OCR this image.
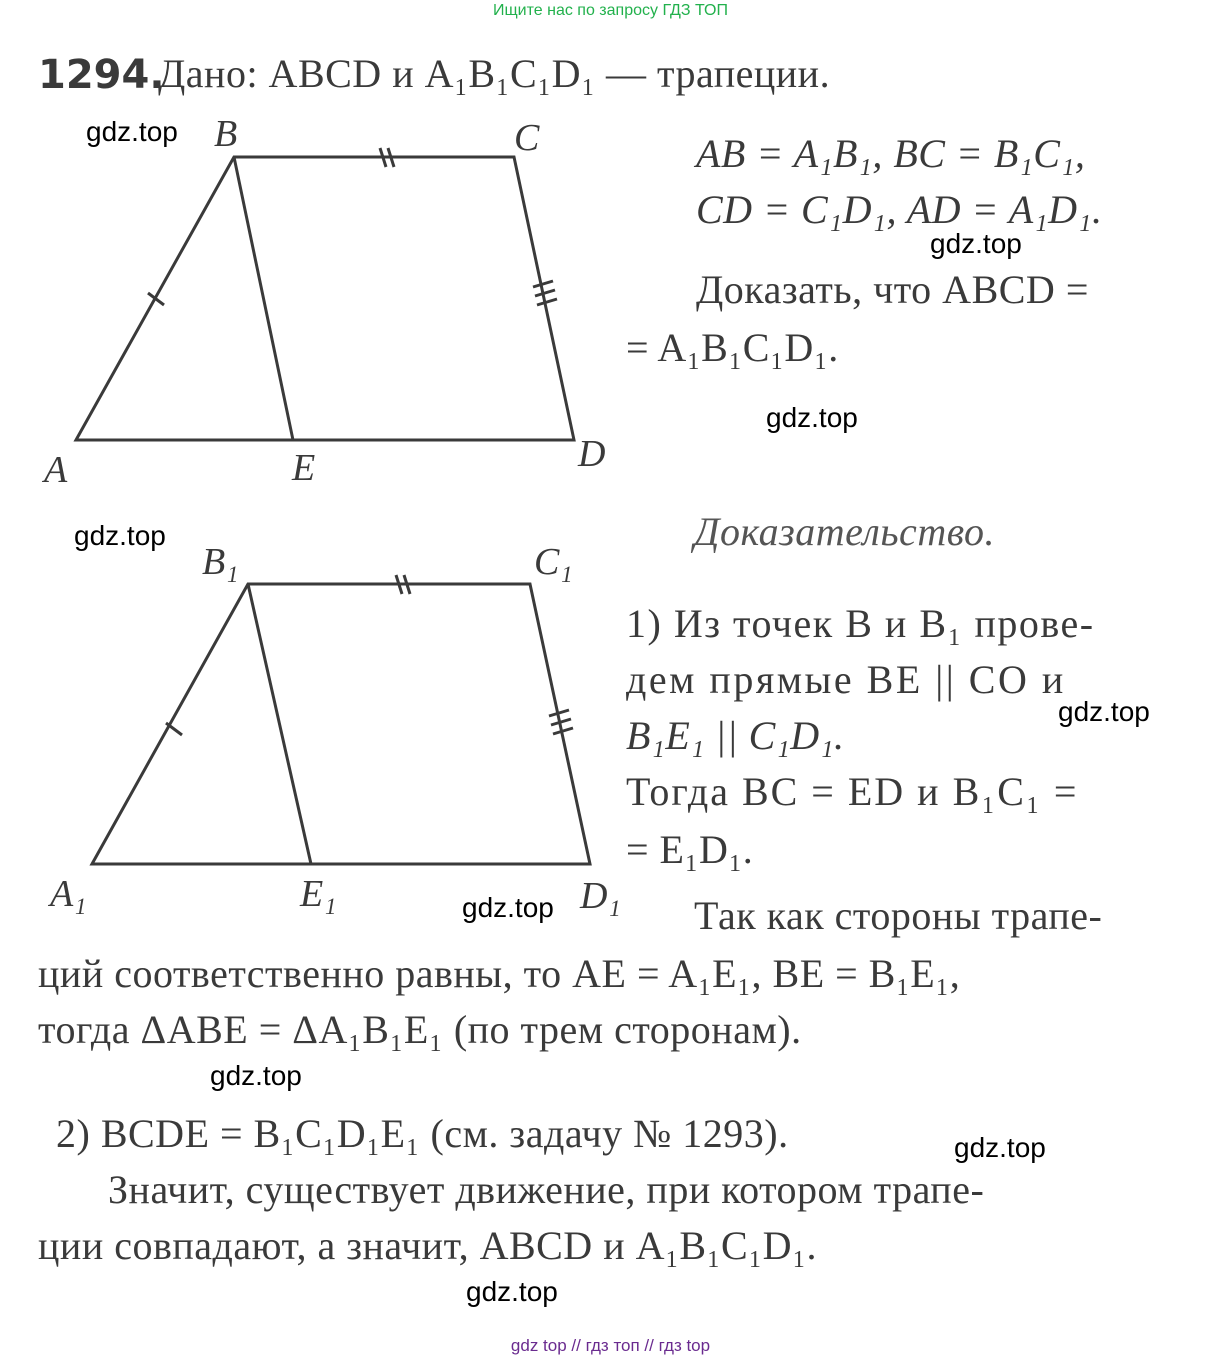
Ищите нас по запросу ГДЗ ТОП
1294.
Дано: ABCD и A₁B₁C₁D₁ — трапеции.
AB = A₁B₁, BC = B₁C₁,
CD = C₁D₁, AD = A₁D₁.
Доказать, что ABCD =
= A₁B₁C₁D₁.
B	C
A	E	D
Доказательство.
B₁	C₁
A₁	E₁	D₁
1) Из точек B и B₁ прове-
дем прямые BE || CO и
B₁E₁ || C₁D₁.
Тогда BC = ED и B₁C₁ =
= E₁D₁.
Так как стороны трапе-
ций соответственно равны, то AE = A₁E₁, BE = B₁E₁,
тогда ΔABE = ΔA₁B₁E₁ (по трем сторонам).
2) BCDE = B₁C₁D₁E₁ (см. задачу № 1293).
Значит, существует движение, при котором трапе-
ции совпадают, а значит, ABCD и A₁B₁C₁D₁.
gdz.top
gdz.top
gdz.top
gdz.top
gdz.top
gdz.top
gdz.top
gdz.top
gdz.top
gdz top // гдз топ // гдз top
